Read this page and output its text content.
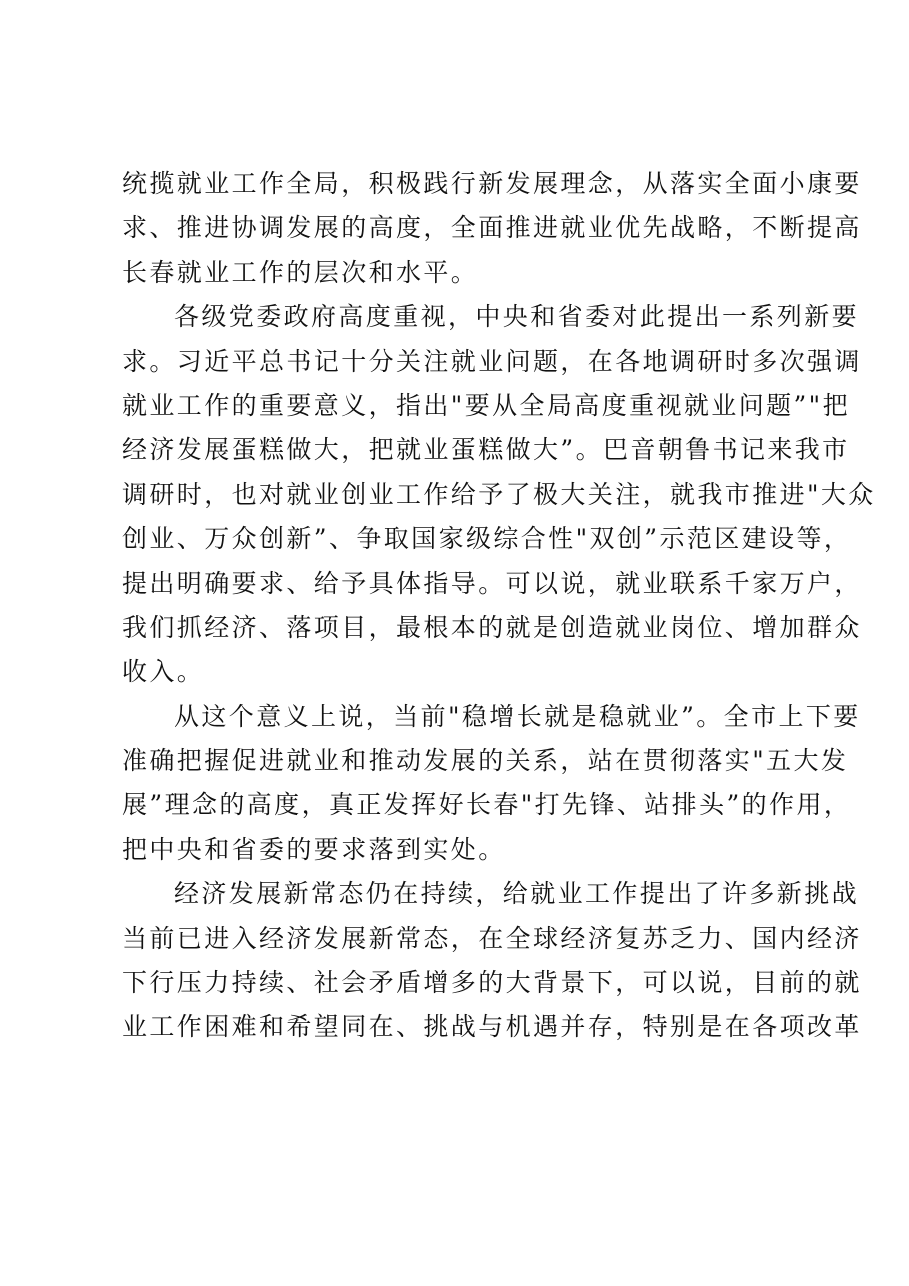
统揽就业工作全局，积极践行新发展理念，从落实全面小康要
求、推进协调发展的高度，全面推进就业优先战略，不断提高
长春就业工作的层次和水平。
各级党委政府高度重视，中央和省委对此提出一系列新要
求。习近平总书记十分关注就业问题，在各地调研时多次强调
就业工作的重要意义，指出"要从全局高度重视就业问题”"把
经济发展蛋糕做大，把就业蛋糕做大”。巴音朝鲁书记来我市
调研时，也对就业创业工作给予了极大关注，就我市推进"大众
创业、万众创新”、争取国家级综合性"双创”示范区建设等，
提出明确要求、给予具体指导。可以说，就业联系千家万户，
我们抓经济、落项目，最根本的就是创造就业岗位、增加群众
收入。
从这个意义上说，当前"稳增长就是稳就业”。全市上下要
准确把握促进就业和推动发展的关系，站在贯彻落实"五大发
展”理念的高度，真正发挥好长春"打先锋、站排头”的作用，
把中央和省委的要求落到实处。
经济发展新常态仍在持续，给就业工作提出了许多新挑战
当前已进入经济发展新常态，在全球经济复苏乏力、国内经济
下行压力持续、社会矛盾增多的大背景下，可以说，目前的就
业工作困难和希望同在、挑战与机遇并存，特别是在各项改革
